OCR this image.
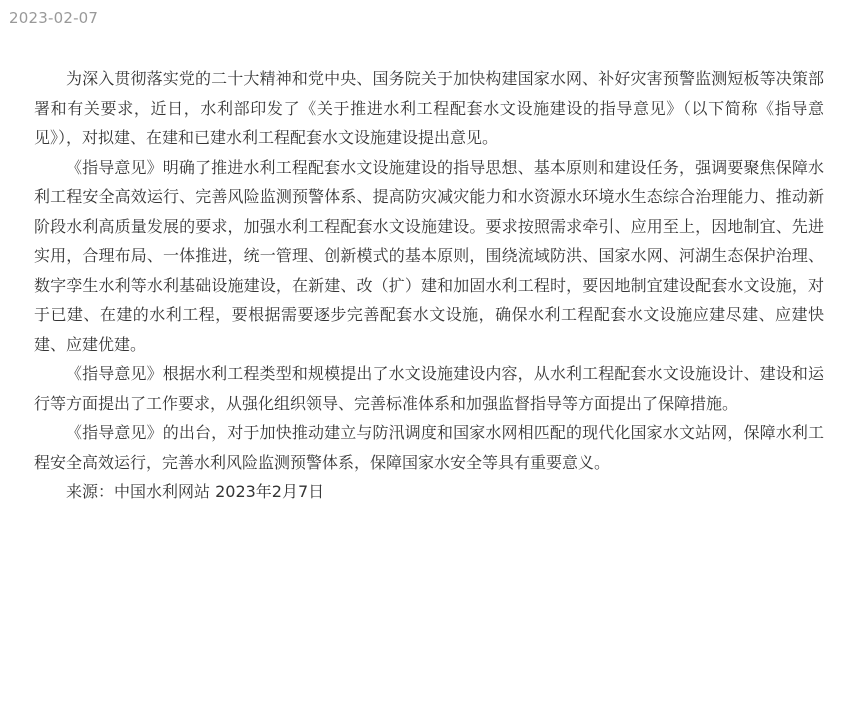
2023-02-07

为深入贯彻落实党的二十大精神和党中央、国务院关于加快构建国家水网、补好灾害预警监测短板等决策部署和有关要求，近日，水利部印发了《关于推进水利工程配套水文设施建设的指导意见》（以下简称《指导意见》），对拟建、在建和已建水利工程配套水文设施建设提出意见。

《指导意见》明确了推进水利工程配套水文设施建设的指导思想、基本原则和建设任务，强调要聚焦保障水利工程安全高效运行、完善风险监测预警体系、提高防灾减灾能力和水资源水环境水生态综合治理能力、推动新阶段水利高质量发展的要求，加强水利工程配套水文设施建设。要求按照需求牵引、应用至上，因地制宜、先进实用，合理布局、一体推进，统一管理、创新模式的基本原则，围绕流域防洪、国家水网、河湖生态保护治理、数字孪生水利等水利基础设施建设，在新建、改（扩）建和加固水利工程时，要因地制宜建设配套水文设施，对于已建、在建的水利工程，要根据需要逐步完善配套水文设施，确保水利工程配套水文设施应建尽建、应建快建、应建优建。

《指导意见》根据水利工程类型和规模提出了水文设施建设内容，从水利工程配套水文设施设计、建设和运行等方面提出了工作要求，从强化组织领导、完善标准体系和加强监督指导等方面提出了保障措施。

《指导意见》的出台，对于加快推动建立与防汛调度和国家水网相匹配的现代化国家水文站网，保障水利工程安全高效运行，完善水利风险监测预警体系，保障国家水安全等具有重要意义。

来源：中国水利网站 2023年2月7日
